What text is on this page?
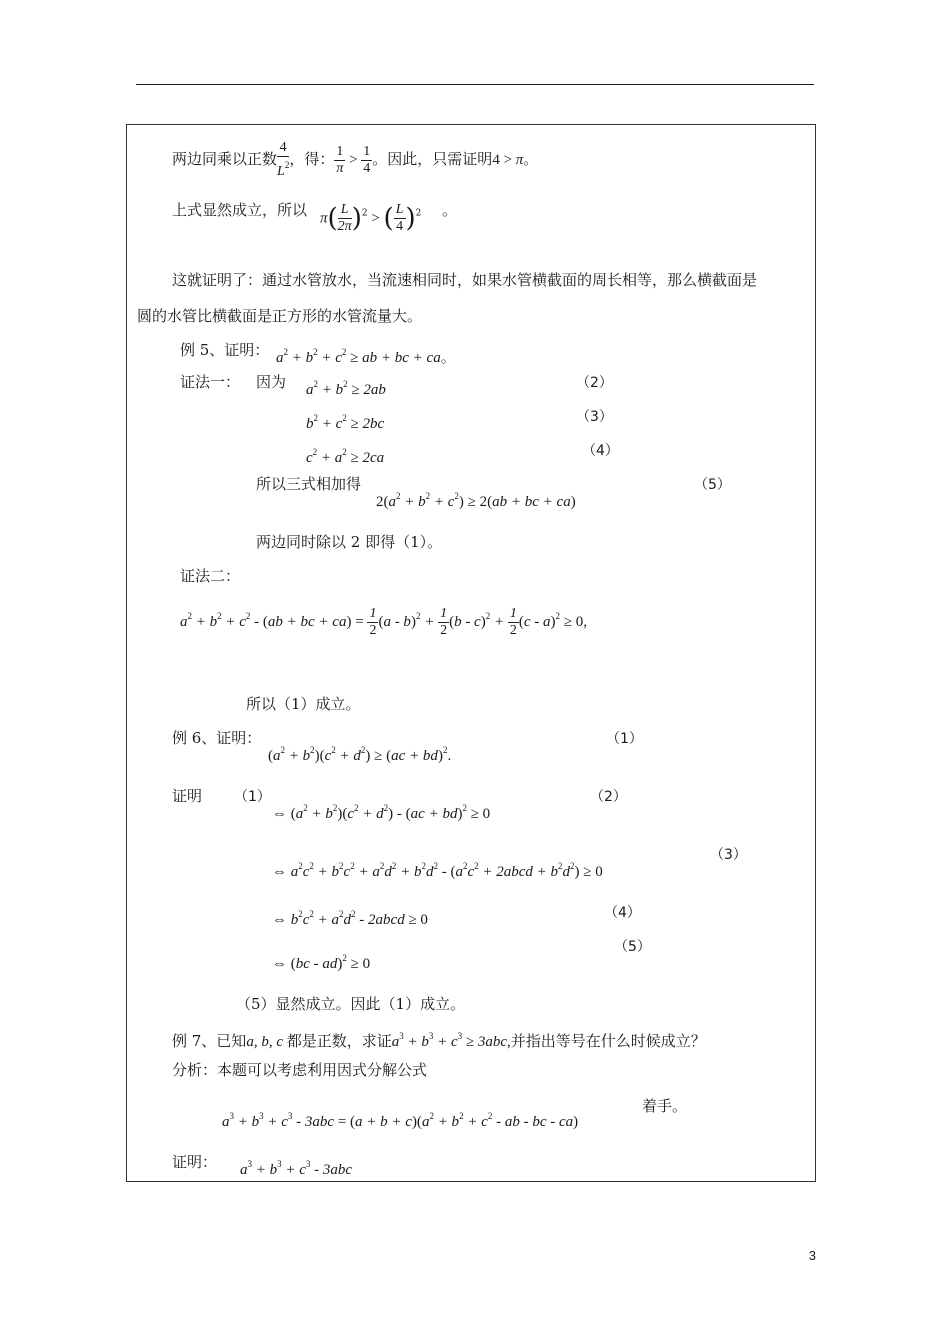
两边同乘以正数 $\frac{4}{L^2}$ ，得： $\frac{1}{\pi} > \frac{1}{4}$ 。因此，只需证明4 > π。
上式显然成立，所以 $\pi( \frac{L}{2\pi} )^2$ > ( $\frac{L}{4} )^2$ 。
这就证明了：通过水管放水，当流速相同时，如果水管横截面的周长相等，那么横截面是
圆的水管比横截面是正方形的水管流量大。
例 5、证明： $a^2 + b^2 + c^2$ ≥ ab + bc + ca。
证法一： 因为 $a^2 + b^2 \ge 2ab$	（2）
$b^2 + c^2 \ge 2bc$	（3）
$c^2 + a^2 \ge 2ca$	（4）
所以三式相加得
$2(a^2 + b^2 + c^2) \ge 2(ab$ + bc + ca)
（5）
两边同时除以 2 即得（1）。
证法二：
$a^2 + b^2 + c^2 - (ab$ + bc + $ca) = \frac{1}{2} (a - b)^2 + \frac{1}{2} (b - c)^2 + \frac{1}{2} (c - a)^2 \ge 0$,
所以（1）成立。
例 6、证明：
$(a^2 + b^2)(c^2 + d^2) \ge (ac + bd)^2$.
（1）
证明 （1）
⇔ $(a^2 + b^2)(c^2 + d^2) - (ac + bd)^2 \ge 0$
（2）
⇔ $a^2c^2 + b^2c^2 + a^2d^2 + b^2d^2 - (a^2c^2$ + 2abcd + $b^2d^2) \ge 0$
（3）
⇔ $b^2c^2 + a^2d^2$ - 2abcd ≥ 0	（4）
⇔ (bc - ad)$^2$ ≥ 0
（5）
（5）显然成立。因此（1）成立。
例 7、已知a, b, c 都是正数，求证$a^3 + b^3 + c^3 \ge 3abc$,并指出等号在什么时候成立？
分析：本题可以考虑利用因式分解公式
$a^3 + b^3 + c^3 - 3abc = (a + b + c)(a^2 + b^2 + c^2$ - ab - bc - ca)
着手。
证明： $a^3 + b^3 + c^3 - 3abc$
3
